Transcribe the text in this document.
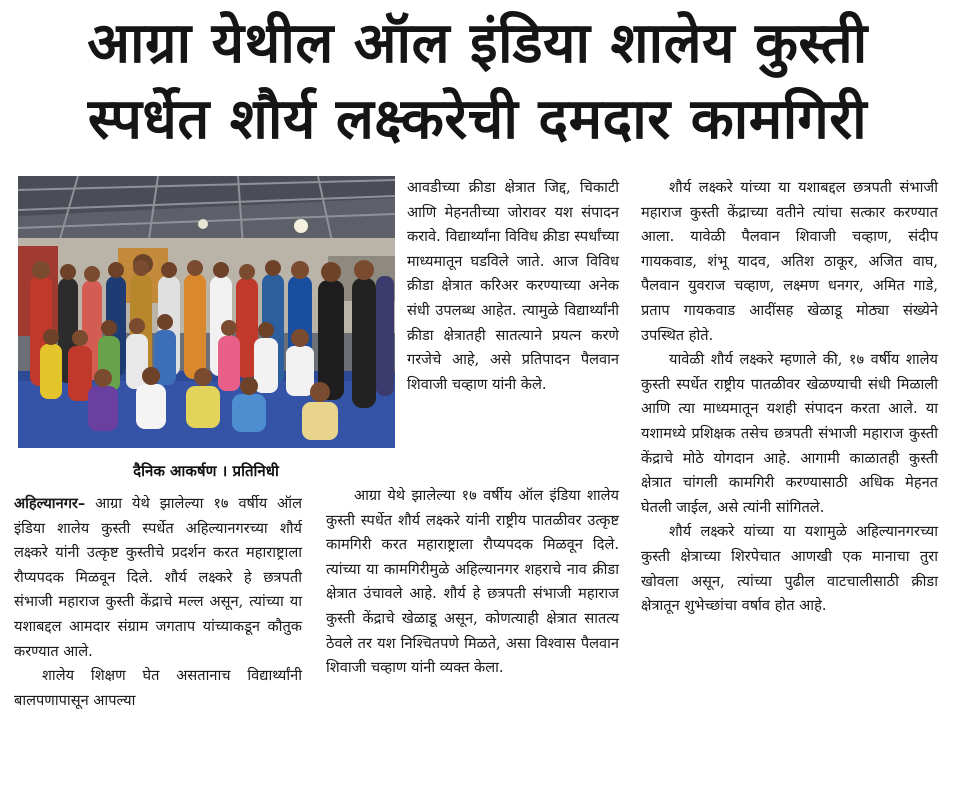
आग्रा येथील ऑल इंडिया शालेय कुस्ती
स्पर्धेत शौर्य लक्ष्करेची दमदार कामगिरी
दैनिक आकर्षण । प्रतिनिधी

अहिल्यानगर– आग्रा येथे झालेल्या १७ वर्षीय ऑल इंडिया शालेय कुस्ती स्पर्धेत अहिल्यानगरच्या शौर्य लक्ष्करे यांनी उत्कृष्ट कुस्तीचे प्रदर्शन करत महाराष्ट्राला रौप्यपदक मिळवून दिले. शौर्य लक्ष्करे हे छत्रपती संभाजी महाराज कुस्ती केंद्राचे मल्ल असून, त्यांच्या या यशाबद्दल आमदार संग्राम जगताप यांच्याकडून कौतुक करण्यात आले.

शालेय शिक्षण घेत असतानाच विद्यार्थ्यांनी बालपणापासून आपल्या

आवडीच्या क्रीडा क्षेत्रात जिद्द, चिकाटी आणि मेहनतीच्या जोरावर यश संपादन करावे. विद्यार्थ्यांना विविध क्रीडा स्पर्धांच्या माध्यमातून घडविले जाते. आज विविध क्रीडा क्षेत्रात करिअर करण्याच्या अनेक संधी उपलब्ध आहेत. त्यामुळे विद्यार्थ्यांनी क्रीडा क्षेत्रातही सातत्याने प्रयत्न करणे गरजेचे आहे, असे प्रतिपादन पैलवान शिवाजी चव्हाण यांनी केले.

आग्रा येथे झालेल्या १७ वर्षीय ऑल इंडिया शालेय कुस्ती स्पर्धेत शौर्य लक्ष्करे यांनी राष्ट्रीय पातळीवर उत्कृष्ट कामगिरी करत महाराष्ट्राला रौप्यपदक मिळवून दिले. त्यांच्या या कामगिरीमुळे अहिल्यानगर शहराचे नाव क्रीडा क्षेत्रात उंचावले आहे. शौर्य हे छत्रपती संभाजी महाराज कुस्ती केंद्राचे खेळाडू असून, कोणत्याही क्षेत्रात सातत्य ठेवले तर यश निश्चितपणे मिळते, असा विश्वास पैलवान शिवाजी चव्हाण यांनी व्यक्त केला.

शौर्य लक्ष्करे यांच्या या यशाबद्दल छत्रपती संभाजी महाराज कुस्ती केंद्राच्या वतीने त्यांचा सत्कार करण्यात आला. यावेळी पैलवान शिवाजी चव्हाण, संदीप गायकवाड, शंभू यादव, अतिश ठाकूर, अजित वाघ, पैलवान युवराज चव्हाण, लक्ष्मण धनगर, अमित गाडे, प्रताप गायकवाड आदींसह खेळाडू मोठ्या संख्येने उपस्थित होते.

यावेळी शौर्य लक्ष्करे म्हणाले की, १७ वर्षीय शालेय कुस्ती स्पर्धेत राष्ट्रीय पातळीवर खेळण्याची संधी मिळाली आणि त्या माध्यमातून यशही संपादन करता आले. या यशामध्ये प्रशिक्षक तसेच छत्रपती संभाजी महाराज कुस्ती केंद्राचे मोठे योगदान आहे. आगामी काळातही कुस्ती क्षेत्रात चांगली कामगिरी करण्यासाठी अधिक मेहनत घेतली जाईल, असे त्यांनी सांगितले.

शौर्य लक्ष्करे यांच्या या यशामुळे अहिल्यानगरच्या कुस्ती क्षेत्राच्या शिरपेचात आणखी एक मानाचा तुरा खोवला असून, त्यांच्या पुढील वाटचालीसाठी क्रीडा क्षेत्रातून शुभेच्छांचा वर्षाव होत आहे.
